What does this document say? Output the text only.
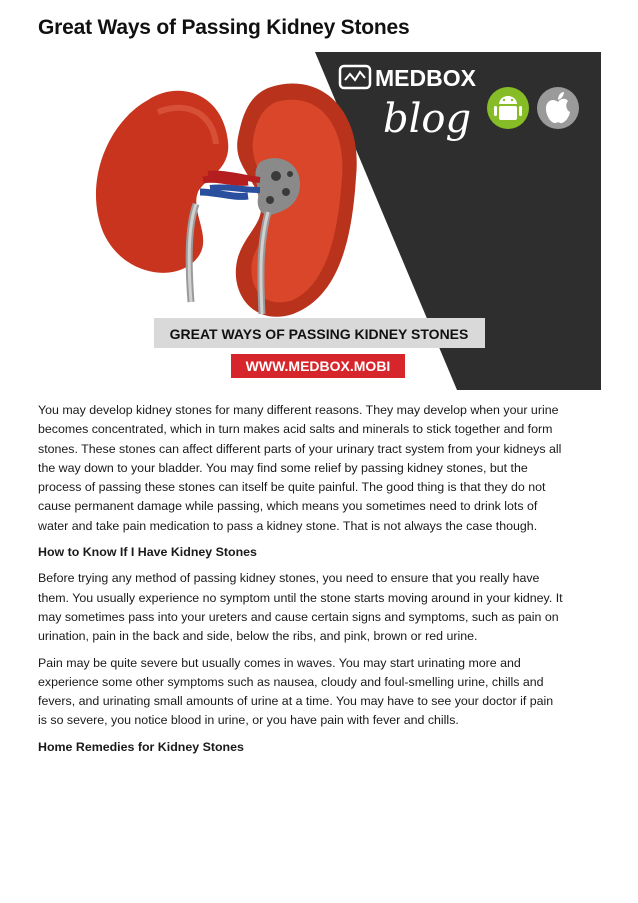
Great Ways of Passing Kidney Stones
MEDBOX
blog
GREAT WAYS OF PASSING KIDNEY STONES
WWW.MEDBOX.MOBI

You may develop kidney stones for many different reasons. They may develop when your urine becomes concentrated, which in turn makes acid salts and minerals to stick together and form stones. These stones can affect different parts of your urinary tract system from your kidneys all the way down to your bladder. You may find some relief by passing kidney stones, but the process of passing these stones can itself be quite painful. The good thing is that they do not cause permanent damage while passing, which means you sometimes need to drink lots of water and take pain medication to pass a kidney stone. That is not always the case though.

How to Know If I Have Kidney Stones

Before trying any method of passing kidney stones, you need to ensure that you really have them. You usually experience no symptom until the stone starts moving around in your kidney. It may sometimes pass into your ureters and cause certain signs and symptoms, such as pain on urination, pain in the back and side, below the ribs, and pink, brown or red urine.

Pain may be quite severe but usually comes in waves. You may start urinating more and experience some other symptoms such as nausea, cloudy and foul-smelling urine, chills and fevers, and urinating small amounts of urine at a time. You may have to see your doctor if pain is so severe, you notice blood in urine, or you have pain with fever and chills.

Home Remedies for Kidney Stones
